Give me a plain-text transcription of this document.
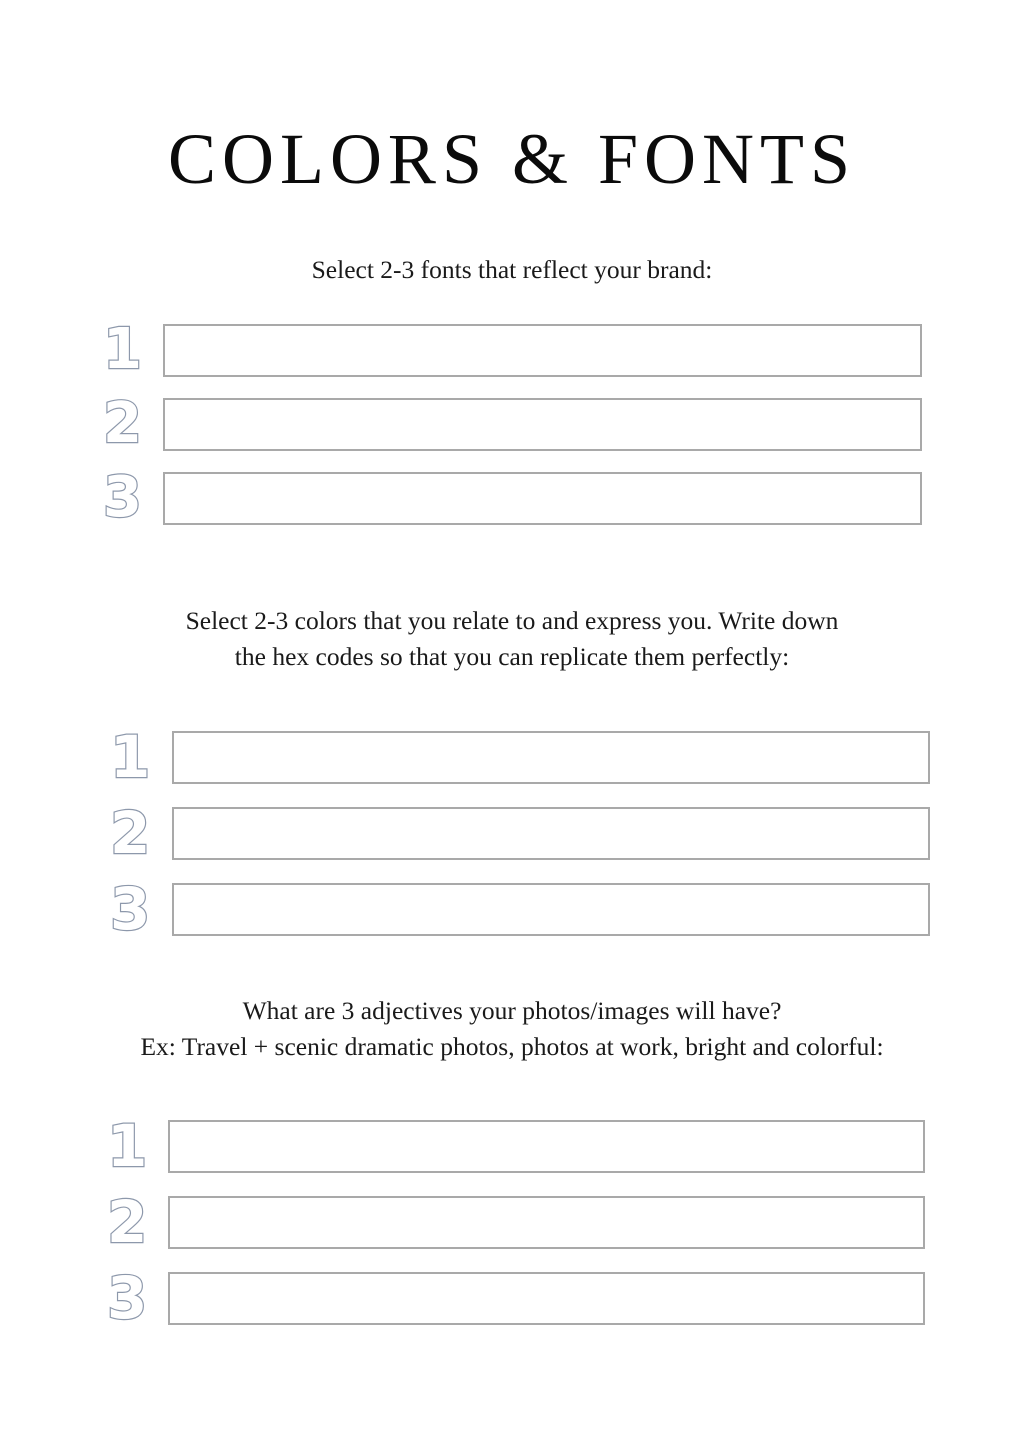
COLORS & FONTS
Select 2-3 fonts that reflect your brand:
1
2
3
Select 2-3 colors that you relate to and express you. Write down
the hex codes so that you can replicate them perfectly:
1
2
3
What are 3 adjectives your photos/images will have?
Ex: Travel + scenic dramatic photos, photos at work, bright and colorful:
1
2
3
